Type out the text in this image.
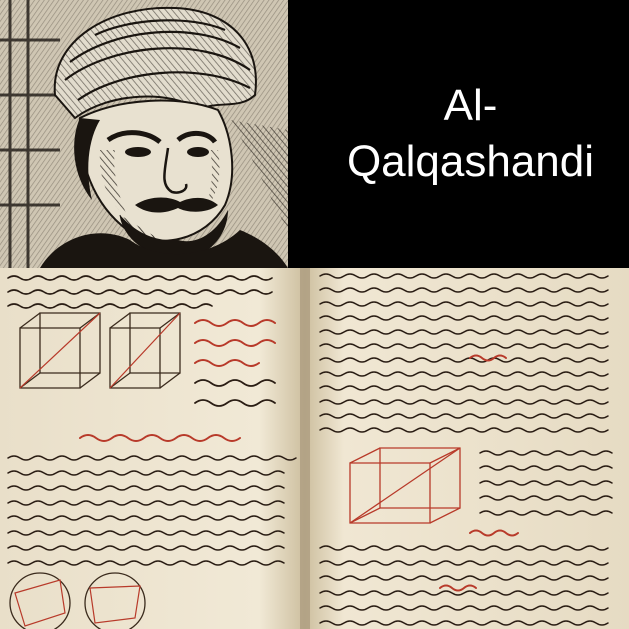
Al-
Qalqashandi
